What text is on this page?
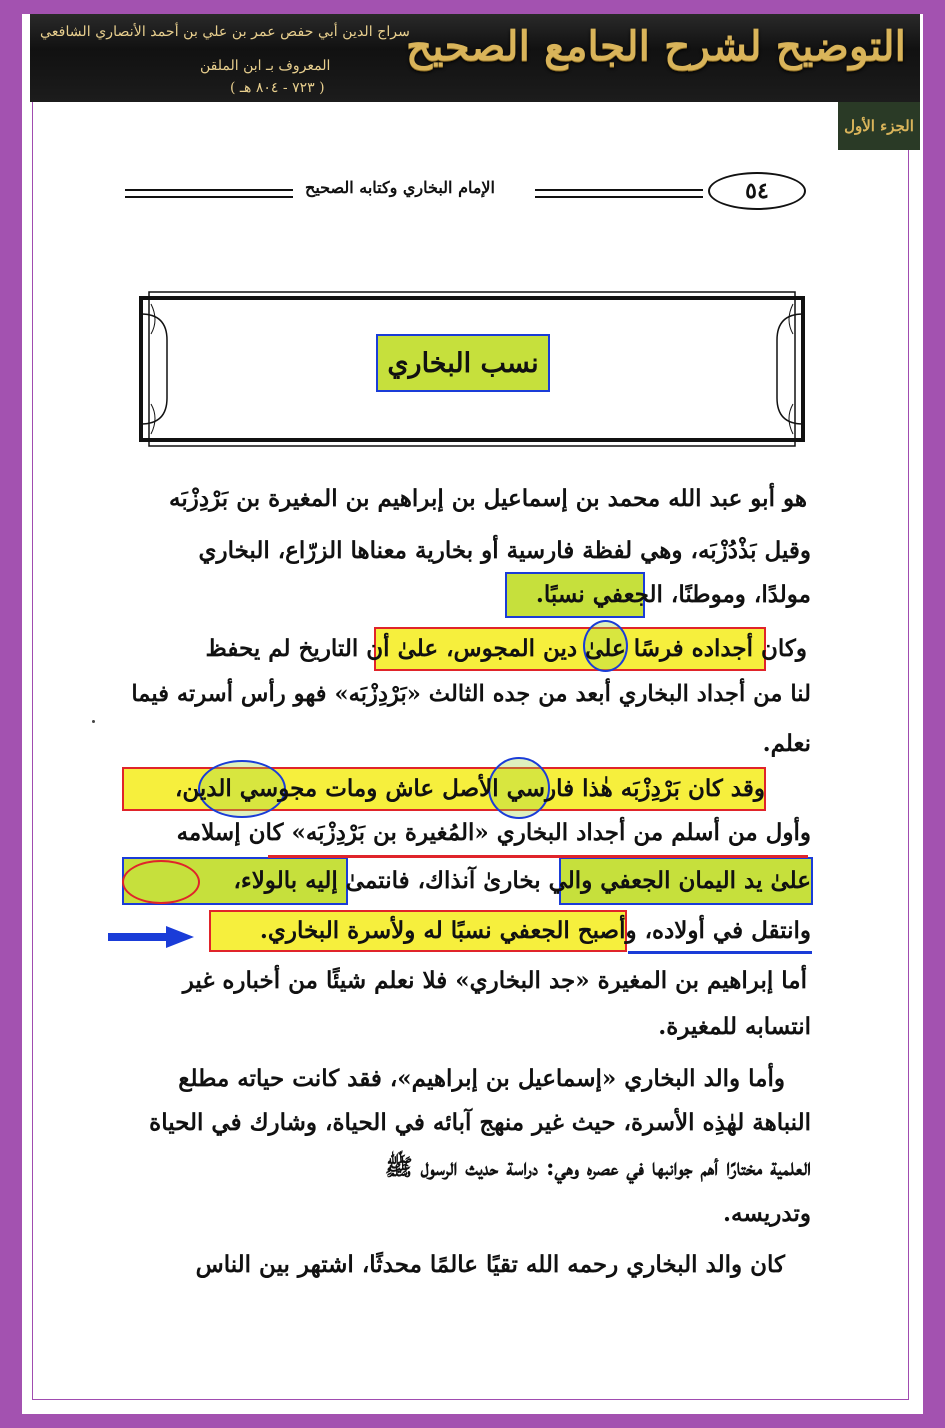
التوضيح لشرح الجامع الصحيح
سراج الدين أبي حفص عمر بن علي بن أحمد الأنصاري الشافعي
المعروف بـ ابن الملقن
( ٧٢٣ - ٨٠٤ هـ )
الجزء الأول
الإمام البخاري وكتابه الصحيح	٥٤
نسب البخاري
هو أبو عبد الله محمد بن إسماعيل بن إبراهيم بن المغيرة بن بَرْدِزْبَه
وقيل بَذْدُزْبَه، وهي لفظة فارسية أو بخارية معناها الزرّاع، البخاري
مولدًا، وموطنًا، الجعفي نسبًا.
وكان أجداده فرسًا علىٰ دين المجوس، علىٰ أن التاريخ لم يحفظ
لنا من أجداد البخاري أبعد من جده الثالث «بَرْدِزْبَه» فهو رأس أسرته فيما
نعلم.
وقد كان بَرْدِزْبَه هٰذا فارسي الأصل عاش ومات مجوسي الدين،
وأول من أسلم من أجداد البخاري «المُغيرة بن بَرْدِزْبَه» كان إسلامه
علىٰ يد اليمان الجعفي والي بخارىٰ آنذاك، فانتمىٰ إليه بالولاء،
وانتقل في أولاده، وأصبح الجعفي نسبًا له ولأسرة البخاري.
أما إبراهيم بن المغيرة «جد البخاري» فلا نعلم شيئًا من أخباره غير
انتسابه للمغيرة.
وأما والد البخاري «إسماعيل بن إبراهيم»، فقد كانت حياته مطلع
النباهة لهٰذِه الأسرة، حيث غير منهج آبائه في الحياة، وشارك في الحياة
العلمية مختارًا أهم جوانبها في عصره وهي: دراسة حديث الرسول ﷺ
وتدريسه.
كان والد البخاري رحمه الله تقيًا عالمًا محدثًا، اشتهر بين الناس
